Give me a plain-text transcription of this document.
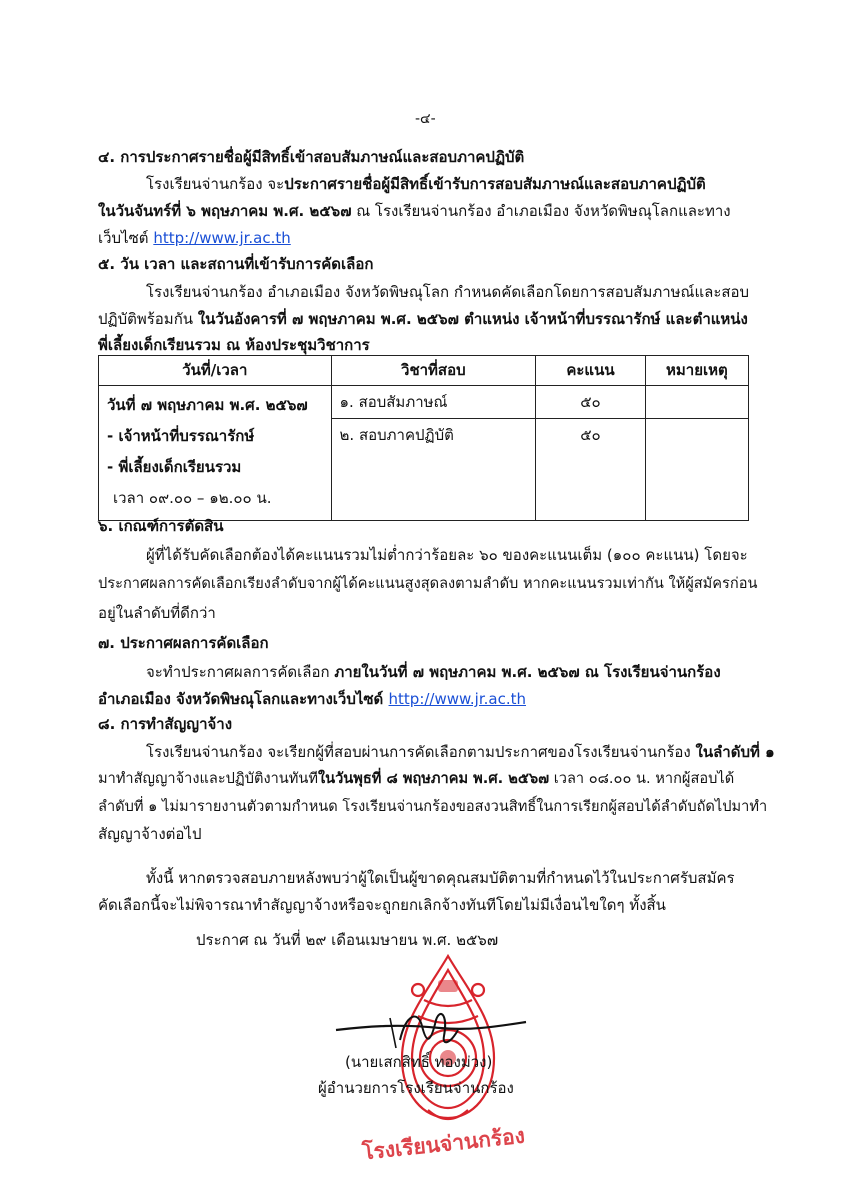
-๔-
๔. การประกาศรายชื่อผู้มีสิทธิ์เข้าสอบสัมภาษณ์และสอบภาคปฏิบัติ
โรงเรียนจ่านกร้อง จะประกาศรายชื่อผู้มีสิทธิ์เข้ารับการสอบสัมภาษณ์และสอบภาคปฏิบัติ
ในวันจันทร์ที่ ๖ พฤษภาคม พ.ศ. ๒๕๖๗ ณ โรงเรียนจ่านกร้อง อำเภอเมือง จังหวัดพิษณุโลกและทาง
เว็บไซต์ http://www.jr.ac.th
๕. วัน เวลา และสถานที่เข้ารับการคัดเลือก
โรงเรียนจ่านกร้อง อำเภอเมือง จังหวัดพิษณุโลก กำหนดคัดเลือกโดยการสอบสัมภาษณ์และสอบ
ปฏิบัติพร้อมกัน ในวันอังคารที่ ๗ พฤษภาคม พ.ศ. ๒๕๖๗ ตำแหน่ง เจ้าหน้าที่บรรณารักษ์ และตำแหน่ง
พี่เลี้ยงเด็กเรียนรวม ณ ห้องประชุมวิชาการ
วันที่/เวลา	วิชาที่สอบ	คะแนน	หมายเหตุ

วันที่ ๗ พฤษภาคม พ.ศ. ๒๕๖๗
- เจ้าหน้าที่บรรณารักษ์
- พี่เลี้ยงเด็กเรียนรวม
เวลา ๐๙.๐๐ – ๑๒.๐๐ น.	๑. สอบสัมภาษณ์	๕๐	
	๒. สอบภาคปฏิบัติ	๕๐	
๖. เกณฑ์การตัดสิน
ผู้ที่ได้รับคัดเลือกต้องได้คะแนนรวมไม่ต่ำกว่าร้อยละ ๖๐ ของคะแนนเต็ม (๑๐๐ คะแนน) โดยจะ
ประกาศผลการคัดเลือกเรียงลำดับจากผู้ได้คะแนนสูงสุดลงตามลำดับ หากคะแนนรวมเท่ากัน ให้ผู้สมัครก่อน
อยู่ในลำดับที่ดีกว่า
๗. ประกาศผลการคัดเลือก
จะทำประกาศผลการคัดเลือก ภายในวันที่ ๗ พฤษภาคม พ.ศ. ๒๕๖๗ ณ โรงเรียนจ่านกร้อง
อำเภอเมือง จังหวัดพิษณุโลกและทางเว็บไซด์ http://www.jr.ac.th
๘. การทำสัญญาจ้าง
โรงเรียนจ่านกร้อง จะเรียกผู้ที่สอบผ่านการคัดเลือกตามประกาศของโรงเรียนจ่านกร้อง ในลำดับที่ ๑
มาทำสัญญาจ้างและปฏิบัติงานทันทีในวันพุธที่ ๘ พฤษภาคม พ.ศ. ๒๕๖๗ เวลา ๐๘.๐๐ น. หากผู้สอบได้
ลำดับที่ ๑ ไม่มารายงานตัวตามกำหนด โรงเรียนจ่านกร้องขอสงวนสิทธิ์ในการเรียกผู้สอบได้ลำดับถัดไปมาทำ
สัญญาจ้างต่อไป
ทั้งนี้ หากตรวจสอบภายหลังพบว่าผู้ใดเป็นผู้ขาดคุณสมบัติตามที่กำหนดไว้ในประกาศรับสมัคร
คัดเลือกนี้จะไม่พิจารณาทำสัญญาจ้างหรือจะถูกยกเลิกจ้างทันทีโดยไม่มีเงื่อนไขใดๆ ทั้งสิ้น
ประกาศ ณ วันที่ ๒๙ เดือนเมษายน พ.ศ. ๒๕๖๗
(นายเสกสิทธิ์ ทองม่วง)
ผู้อำนวยการโรงเรียนจ่านกร้อง
โรงเรียนจ่านกร้อง
